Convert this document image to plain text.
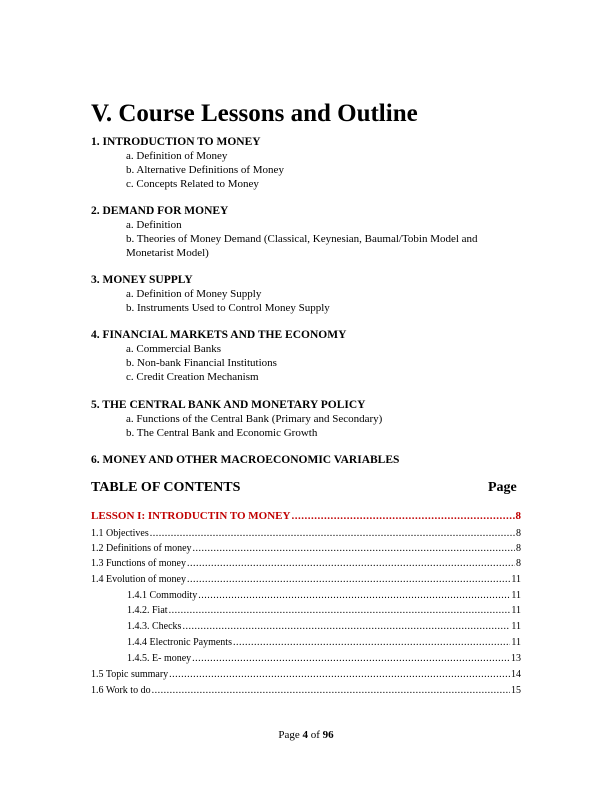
V. Course Lessons and Outline
1. INTRODUCTION TO MONEY
a. Definition of Money
b. Alternative Definitions of Money
c. Concepts Related to Money
2. DEMAND FOR MONEY
a. Definition
b. Theories of Money Demand (Classical, Keynesian, Baumal/Tobin Model and
Monetarist Model)
3. MONEY SUPPLY
a. Definition of Money Supply
b. Instruments Used to Control Money Supply
4. FINANCIAL MARKETS AND THE ECONOMY
a. Commercial Banks
b. Non-bank Financial Institutions
c. Credit Creation Mechanism
5. THE CENTRAL BANK AND MONETARY POLICY
a. Functions of the Central Bank (Primary and Secondary)
b. The Central Bank and Economic Growth
6. MONEY AND OTHER MACROECONOMIC VARIABLES
TABLE OF CONTENTS	Page
LESSON I: INTRODUCTIN TO MONEY .....	8
1.1 Objectives .....	8
1.2 Definitions of money .....	8
1.3 Functions of money .....	8
1.4 Evolution of money .....	11
1.4.1 Commodity .....	11
1.4.2. Fiat .....	11
1.4.3. Checks .....	11
1.4.4 Electronic Payments .....	11
1.4.5. E- money .....	13
1.5 Topic summary .....	14
1.6 Work to do .....	15
Page 4 of 96
